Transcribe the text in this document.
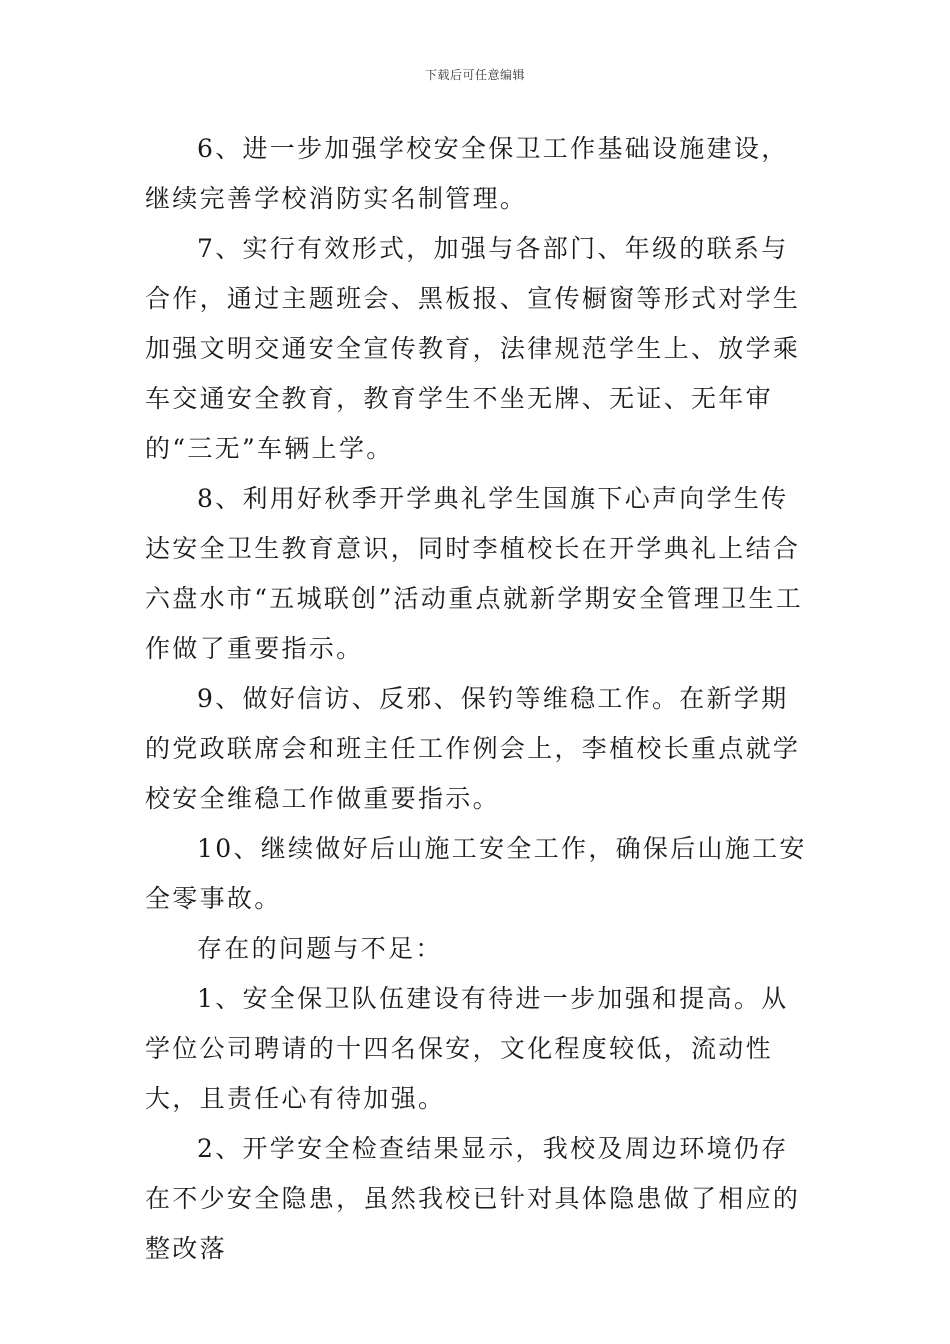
下载后可任意编辑

6、进一步加强学校安全保卫工作基础设施建设，继续完善学校消防实名制管理。

7、实行有效形式，加强与各部门、年级的联系与合作，通过主题班会、黑板报、宣传橱窗等形式对学生加强文明交通安全宣传教育，法律规范学生上、放学乘车交通安全教育，教育学生不坐无牌、无证、无年审的“三无”车辆上学。

8、利用好秋季开学典礼学生国旗下心声向学生传达安全卫生教育意识，同时李植校长在开学典礼上结合六盘水市“五城联创”活动重点就新学期安全管理卫生工作做了重要指示。

9、做好信访、反邪、保钓等维稳工作。在新学期的党政联席会和班主任工作例会上，李植校长重点就学校安全维稳工作做重要指示。

10、继续做好后山施工安全工作，确保后山施工安全零事故。

存在的问题与不足：

1、安全保卫队伍建设有待进一步加强和提高。从学位公司聘请的十四名保安，文化程度较低，流动性大，且责任心有待加强。

2、开学安全检查结果显示，我校及周边环境仍存在不少安全隐患，虽然我校已针对具体隐患做了相应的整改落
